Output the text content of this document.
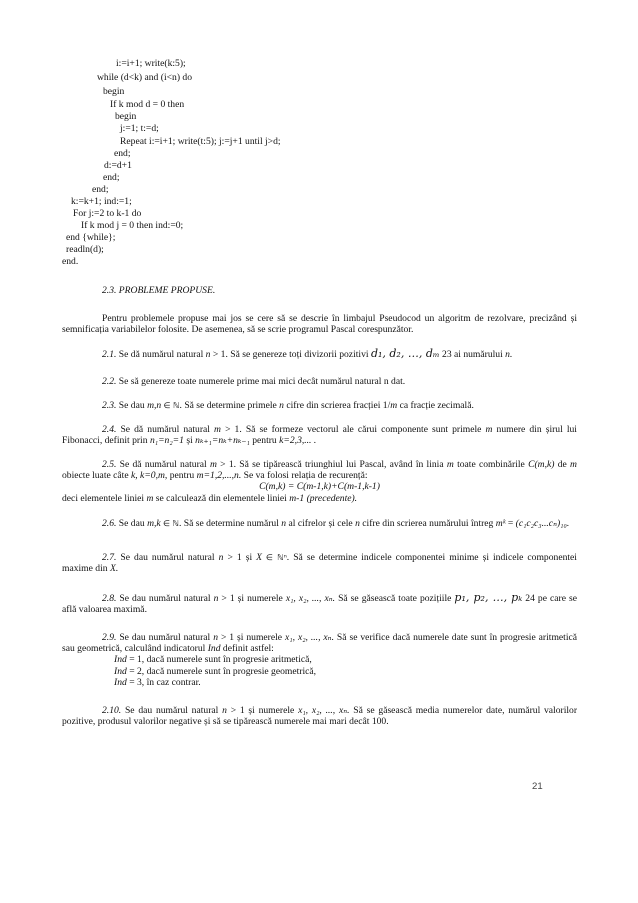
i:=i+1; write(k:5);
while (d<k) and (i<n) do
begin
If k mod d = 0 then
begin
j:=1; t:=d;
Repeat i:=i+1; write(t:5); j:=j+1 until j>d;
end;
d:=d+1
end;
end;
k:=k+1; ind:=1;
For j:=2 to k-1 do
If k mod j = 0 then ind:=0;
end {while};
readln(d);
end.
2.3. PROBLEME PROPUSE.

Pentru problemele propuse mai jos se cere să se descrie în limbajul Pseudocod un algoritm de rezolvare, precizând și semnificația variabilelor folosite. De asemenea, să se scrie programul Pascal corespunzător.

2.1. Se dă numărul natural n > 1. Să se genereze toți divizorii pozitivi d₁, d₂, …, dₘ 23 ai numărului n.

2.2. Se să genereze toate numerele prime mai mici decât numărul natural n dat.

2.3. Se dau m,n ∈ ℕ. Să se determine primele n cifre din scrierea fracției 1/m ca fracție zecimală.

2.4. Se dă numărul natural m > 1. Să se formeze vectorul ale cărui componente sunt primele m numere din șirul lui Fibonacci, definit prin n₁=n₂=1 și nₖ₊₁=nₖ+nₖ₋₁ pentru k=2,3,... .

2.5. Se dă numărul natural m > 1. Să se tipărească triunghiul lui Pascal, având în linia m toate combinările C(m,k) de m obiecte luate câte k, k=0,m, pentru m=1,2,...,n. Se va folosi relația de recurență:

C(m,k) = C(m-1,k)+C(m-1,k-1)

deci elementele liniei m se calculează din elementele liniei m-1 (precedente).

2.6. Se dau m,k ∈ ℕ. Să se determine numărul n al cifrelor și cele n cifre din scrierea numărului întreg mᵏ = (c₁c₂c₃...cₙ)₁₀.

2.7. Se dau numărul natural n > 1 și X ∈ ℕⁿ. Să se determine indicele componentei minime și indicele componentei maxime din X.

2.8. Se dau numărul natural n > 1 și numerele x₁, x₂, ..., xₙ. Să se găsească toate pozițiile p₁, p₂, …, pₖ 24 pe care se află valoarea maximă.

2.9. Se dau numărul natural n > 1 și numerele x₁, x₂, ..., xₙ. Să se verifice dacă numerele date sunt în progresie aritmetică sau geometrică, calculând indicatorul Ind definit astfel:

Ind = 1, dacă numerele sunt în progresie aritmetică,

Ind = 2, dacă numerele sunt în progresie geometrică,

Ind = 3, în caz contrar.

2.10. Se dau numărul natural n > 1 și numerele x₁, x₂, ..., xₙ. Să se găsească media numerelor date, numărul valorilor pozitive, produsul valorilor negative și să se tipărească numerele mai mari decât 100.

21
